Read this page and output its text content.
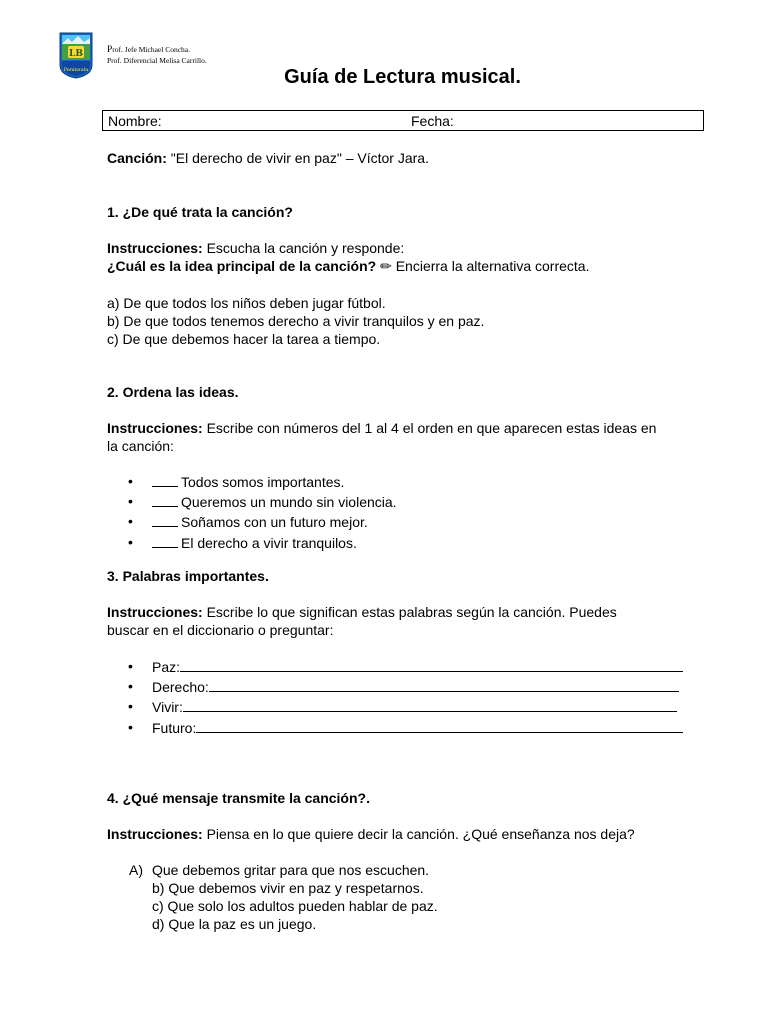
LB
Peninsula
Prof. Jefe Michael Concha.
Prof. Diferencial Melisa Carrillo.
Guía de Lectura musical.
Nombre:	Fecha:
Canción: "El derecho de vivir en paz" – Víctor Jara.
1. ¿De qué trata la canción?
Instrucciones: Escucha la canción y responde:
¿Cuál es la idea principal de la canción? ✏ Encierra la alternativa correcta.
a) De que todos los niños deben jugar fútbol.
b) De que todos tenemos derecho a vivir tranquilos y en paz.
c) De que debemos hacer la tarea a tiempo.
2. Ordena las ideas.
Instrucciones: Escribe con números del 1 al 4 el orden en que aparecen estas ideas en
la canción:
• Todos somos importantes.
• Queremos un mundo sin violencia.
• Soñamos con un futuro mejor.
• El derecho a vivir tranquilos.
3. Palabras importantes.
Instrucciones: Escribe lo que significan estas palabras según la canción. Puedes
buscar en el diccionario o preguntar:
• Paz:
• Derecho:
• Vivir:
• Futuro:
4. ¿Qué mensaje transmite la canción?.
Instrucciones: Piensa en lo que quiere decir la canción. ¿Qué enseñanza nos deja?
A) Que debemos gritar para que nos escuchen.
b) Que debemos vivir en paz y respetarnos.
c) Que solo los adultos pueden hablar de paz.
d) Que la paz es un juego.
